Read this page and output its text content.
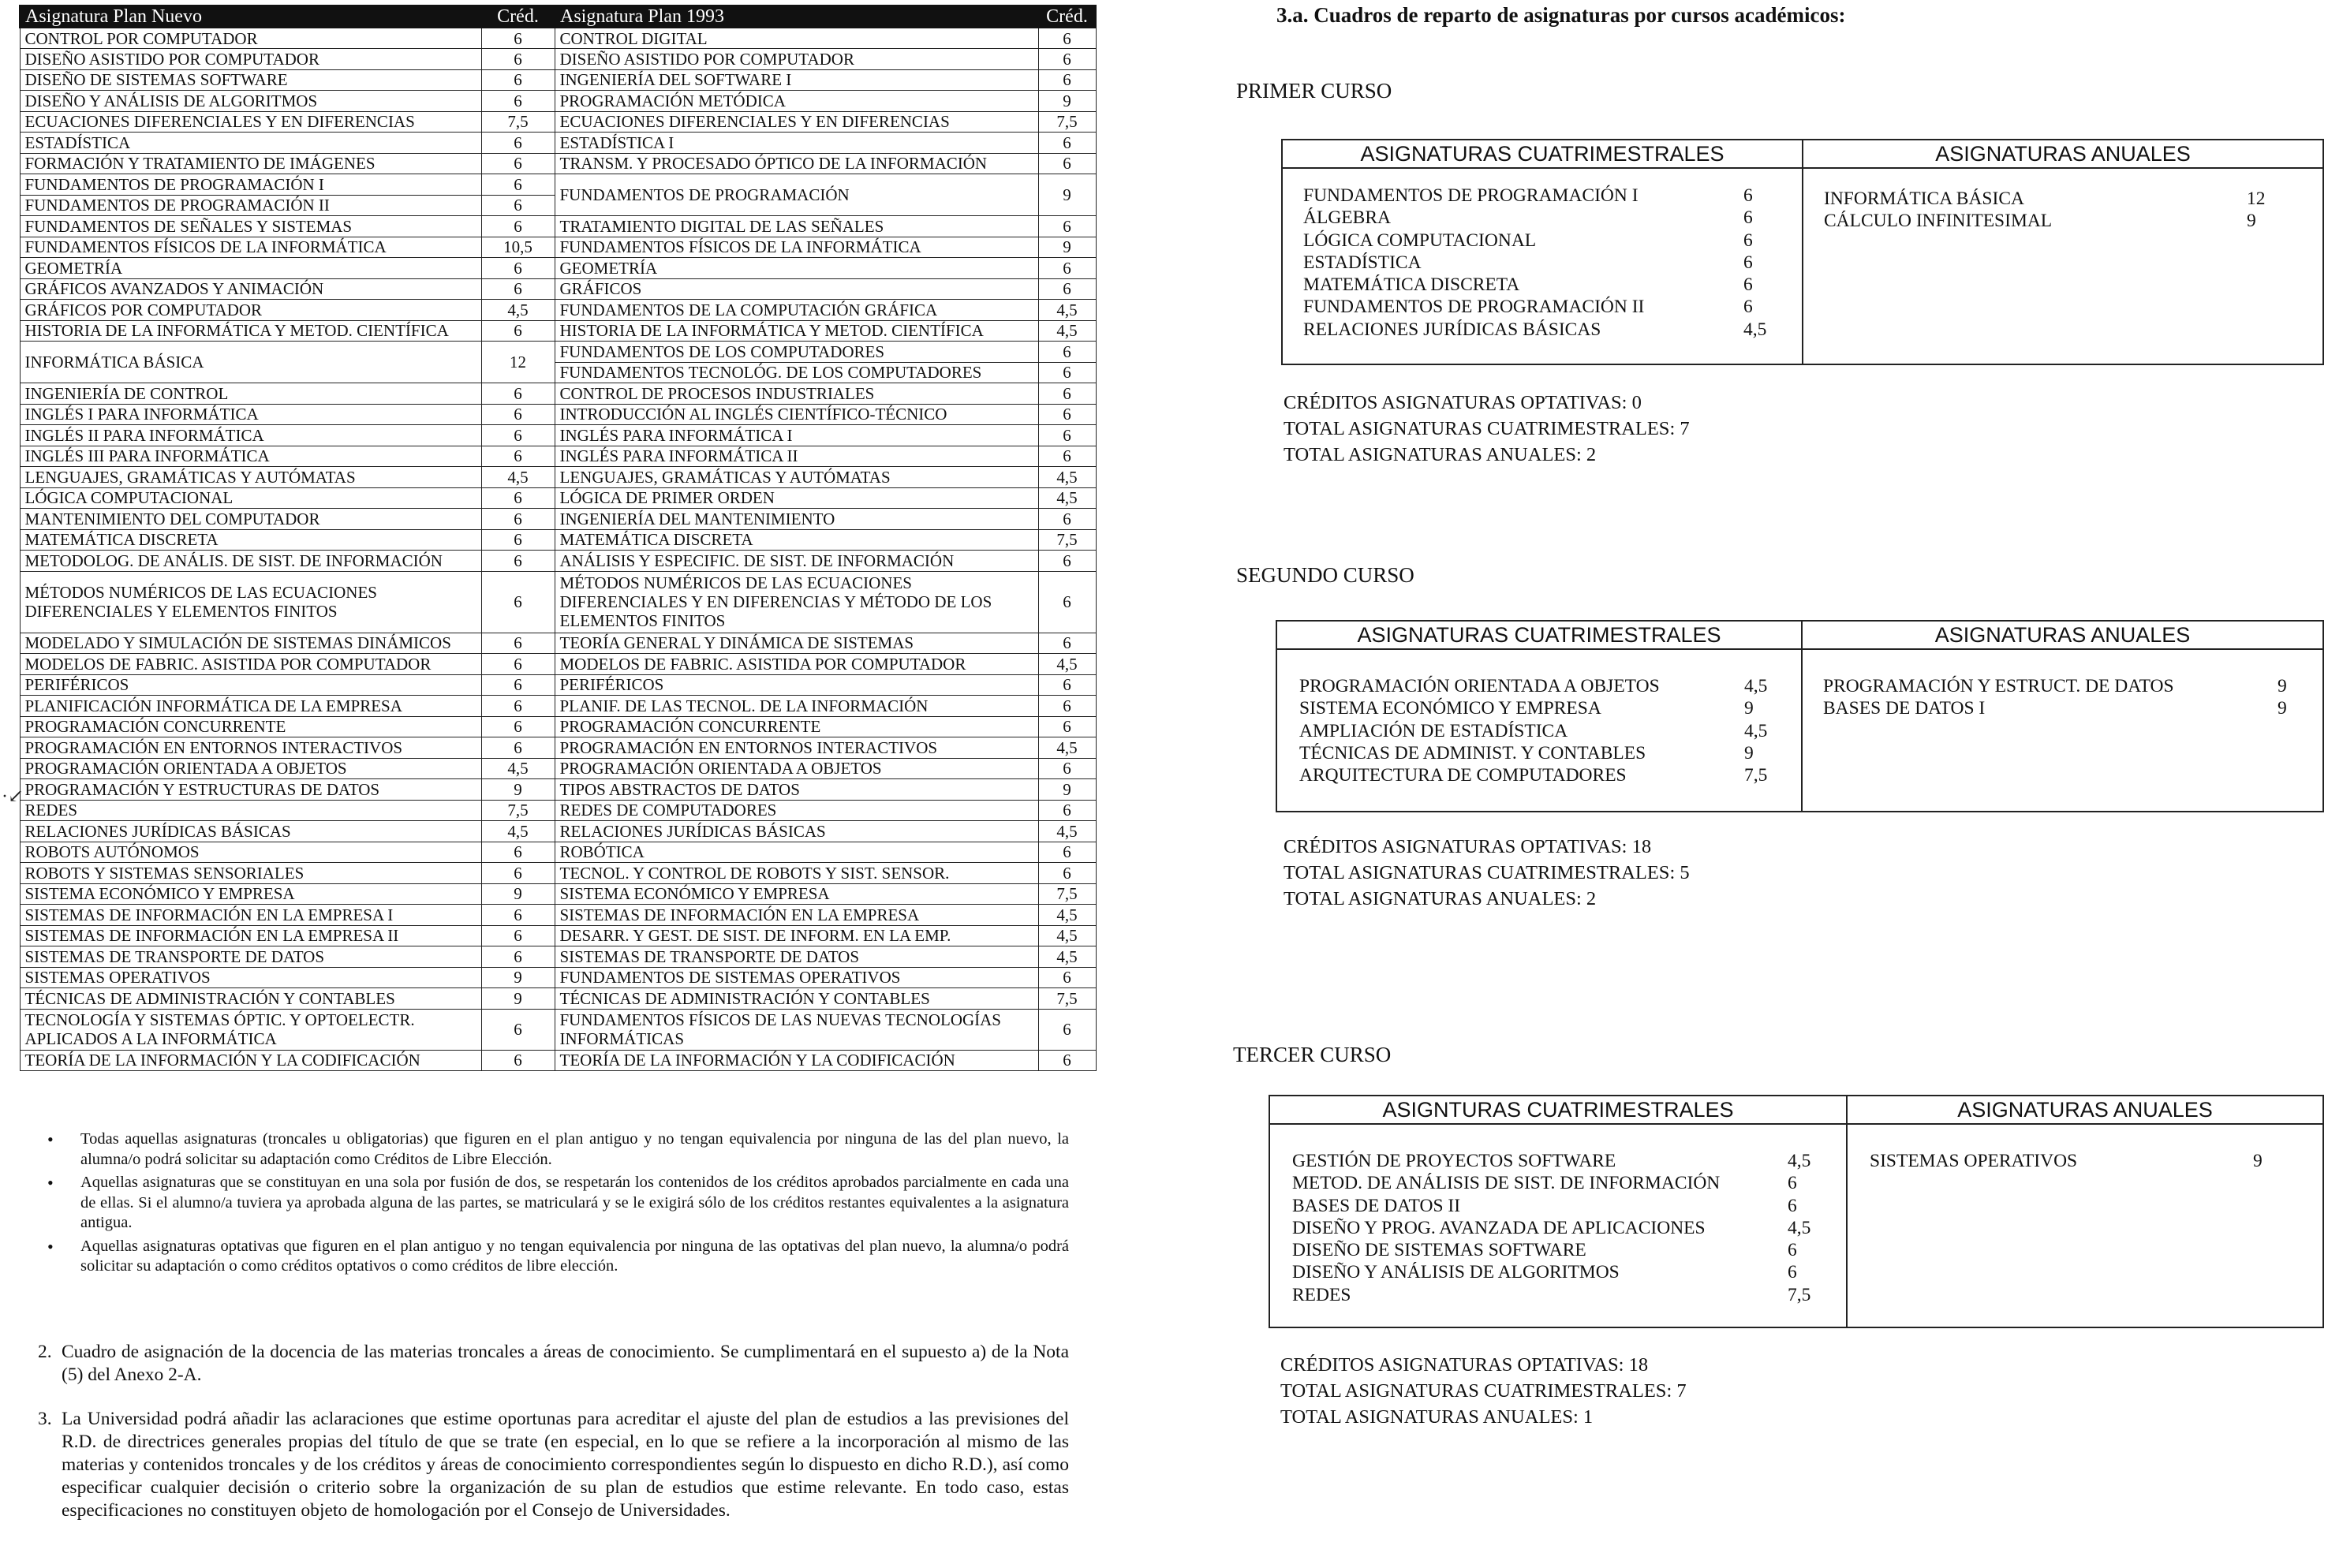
Asignatura Plan Nuevo	Créd.	Asignatura Plan 1993	Créd.
CONTROL POR COMPUTADOR	6	CONTROL DIGITAL	6
DISEÑO ASISTIDO POR COMPUTADOR	6	DISEÑO ASISTIDO POR COMPUTADOR	6
DISEÑO DE SISTEMAS SOFTWARE	6	INGENIERÍA DEL SOFTWARE I	6
DISEÑO Y ANÁLISIS DE ALGORITMOS	6	PROGRAMACIÓN METÓDICA	9
ECUACIONES DIFERENCIALES Y EN DIFERENCIAS	7,5	ECUACIONES DIFERENCIALES Y EN DIFERENCIAS	7,5
ESTADÍSTICA	6	ESTADÍSTICA I	6
FORMACIÓN Y TRATAMIENTO DE IMÁGENES	6	TRANSM. Y PROCESADO ÓPTICO DE LA INFORMACIÓN	6
FUNDAMENTOS DE PROGRAMACIÓN I	6	FUNDAMENTOS DE PROGRAMACIÓN	9
FUNDAMENTOS DE PROGRAMACIÓN II	6		
FUNDAMENTOS DE SEÑALES Y SISTEMAS	6	TRATAMIENTO DIGITAL DE LAS SEÑALES	6
FUNDAMENTOS FÍSICOS DE LA INFORMÁTICA	10,5	FUNDAMENTOS FÍSICOS DE LA INFORMÁTICA	9
GEOMETRÍA	6	GEOMETRÍA	6
GRÁFICOS AVANZADOS Y ANIMACIÓN	6	GRÁFICOS	6
GRÁFICOS POR COMPUTADOR	4,5	FUNDAMENTOS DE LA COMPUTACIÓN GRÁFICA	4,5
HISTORIA DE LA INFORMÁTICA Y METOD. CIENTÍFICA	6	HISTORIA DE LA INFORMÁTICA Y METOD. CIENTÍFICA	4,5
INFORMÁTICA BÁSICA	12	FUNDAMENTOS DE LOS COMPUTADORES	6
		FUNDAMENTOS TECNOLÓG. DE LOS COMPUTADORES	6
INGENIERÍA DE CONTROL	6	CONTROL DE PROCESOS INDUSTRIALES	6
INGLÉS I PARA INFORMÁTICA	6	INTRODUCCIÓN AL INGLÉS CIENTÍFICO-TÉCNICO	6
INGLÉS II PARA INFORMÁTICA	6	INGLÉS PARA INFORMÁTICA I	6
INGLÉS III PARA INFORMÁTICA	6	INGLÉS PARA INFORMÁTICA II	6
LENGUAJES, GRAMÁTICAS Y AUTÓMATAS	4,5	LENGUAJES, GRAMÁTICAS Y AUTÓMATAS	4,5
LÓGICA COMPUTACIONAL	6	LÓGICA DE PRIMER ORDEN	4,5
MANTENIMIENTO DEL COMPUTADOR	6	INGENIERÍA DEL MANTENIMIENTO	6
MATEMÁTICA DISCRETA	6	MATEMÁTICA DISCRETA	7,5
METODOLOG. DE ANÁLIS. DE SIST. DE INFORMACIÓN	6	ANÁLISIS Y ESPECIFIC. DE SIST. DE INFORMACIÓN	6
MÉTODOS NUMÉRICOS DE LAS ECUACIONES DIFERENCIALES Y ELEMENTOS FINITOS	6	MÉTODOS NUMÉRICOS DE LAS ECUACIONES DIFERENCIALES Y EN DIFERENCIAS Y MÉTODO DE LOS ELEMENTOS FINITOS	6
MODELADO Y SIMULACIÓN DE SISTEMAS DINÁMICOS	6	TEORÍA GENERAL Y DINÁMICA DE SISTEMAS	6
MODELOS DE FABRIC. ASISTIDA POR COMPUTADOR	6	MODELOS DE FABRIC. ASISTIDA POR COMPUTADOR	4,5
PERIFÉRICOS	6	PERIFÉRICOS	6
PLANIFICACIÓN INFORMÁTICA DE LA EMPRESA	6	PLANIF. DE LAS TECNOL. DE LA INFORMACIÓN	6
PROGRAMACIÓN CONCURRENTE	6	PROGRAMACIÓN CONCURRENTE	6
PROGRAMACIÓN EN ENTORNOS INTERACTIVOS	6	PROGRAMACIÓN EN ENTORNOS INTERACTIVOS	4,5
PROGRAMACIÓN ORIENTADA A OBJETOS	4,5	PROGRAMACIÓN ORIENTADA A OBJETOS	6
PROGRAMACIÓN Y ESTRUCTURAS DE DATOS	9	TIPOS ABSTRACTOS DE DATOS	9
REDES	7,5	REDES DE COMPUTADORES	6
RELACIONES JURÍDICAS BÁSICAS	4,5	RELACIONES JURÍDICAS BÁSICAS	4,5
ROBOTS AUTÓNOMOS	6	ROBÓTICA	6
ROBOTS Y SISTEMAS SENSORIALES	6	TECNOL. Y CONTROL DE ROBOTS Y SIST. SENSOR.	6
SISTEMA ECONÓMICO Y EMPRESA	9	SISTEMA ECONÓMICO Y EMPRESA	7,5
SISTEMAS DE INFORMACIÓN EN LA EMPRESA I	6	SISTEMAS DE INFORMACIÓN EN LA EMPRESA	4,5
SISTEMAS DE INFORMACIÓN EN LA EMPRESA II	6	DESARR. Y GEST. DE SIST. DE INFORM. EN LA EMP.	4,5
SISTEMAS DE TRANSPORTE DE DATOS	6	SISTEMAS DE TRANSPORTE DE DATOS	4,5
SISTEMAS OPERATIVOS	9	FUNDAMENTOS DE SISTEMAS OPERATIVOS	6
TÉCNICAS DE ADMINISTRACIÓN Y CONTABLES	9	TÉCNICAS DE ADMINISTRACIÓN Y CONTABLES	7,5
TECNOLOGÍA Y SISTEMAS ÓPTIC. Y OPTOELECTR. APLICADOS A LA INFORMÁTICA	6	FUNDAMENTOS FÍSICOS DE LAS NUEVAS TECNOLOGÍAS INFORMÁTICAS	6
TEORÍA DE LA INFORMACIÓN Y LA CODIFICACIÓN	6	TEORÍA DE LA INFORMACIÓN Y LA CODIFICACIÓN	6
·↙
• Todas aquellas asignaturas (troncales u obligatorias) que figuren en el plan antiguo y no tengan equivalencia por ninguna de las del plan nuevo, la alumna/o podrá solicitar su adaptación como Créditos de Libre Elección.
• Aquellas asignaturas que se constituyan en una sola por fusión de dos, se respetarán los contenidos de los créditos aprobados parcialmente en cada una de ellas. Si el alumno/a tuviera ya aprobada alguna de las partes, se matriculará y se le exigirá sólo de los créditos restantes equivalentes a la asignatura antigua.
• Aquellas asignaturas optativas que figuren en el plan antiguo y no tengan equivalencia por ninguna de las optativas del plan nuevo, la alumna/o podrá solicitar su adaptación o como créditos optativos o como créditos de libre elección.
2. Cuadro de asignación de la docencia de las materias troncales a áreas de conocimiento. Se cumplimentará en el supuesto a) de la Nota (5) del Anexo 2-A.
3. La Universidad podrá añadir las aclaraciones que estime oportunas para acreditar el ajuste del plan de estudios a las previsiones del R.D. de directrices generales propias del título de que se trate (en especial, en lo que se refiere a la incorporación al mismo de las materias y contenidos troncales y de los créditos y áreas de conocimiento correspondientes según lo dispuesto en dicho R.D.), así como especificar cualquier decisión o criterio sobre la organización de su plan de estudios que estime relevante. En todo caso, estas especificaciones no constituyen objeto de homologación por el Consejo de Universidades.
3.a. Cuadros de reparto de asignaturas por cursos académicos:
PRIMER CURSO
ASIGNATURAS CUATRIMESTRALES
FUNDAMENTOS DE PROGRAMACIÓN I	6
ÁLGEBRA	6
LÓGICA COMPUTACIONAL	6
ESTADÍSTICA	6
MATEMÁTICA DISCRETA	6
FUNDAMENTOS DE PROGRAMACIÓN II	6
RELACIONES JURÍDICAS BÁSICAS	4,5
ASIGNATURAS ANUALES
INFORMÁTICA BÁSICA	12
CÁLCULO INFINITESIMAL	9
CRÉDITOS ASIGNATURAS OPTATIVAS: 0
TOTAL ASIGNATURAS CUATRIMESTRALES: 7
TOTAL ASIGNATURAS ANUALES: 2
SEGUNDO CURSO
ASIGNATURAS CUATRIMESTRALES
PROGRAMACIÓN ORIENTADA A OBJETOS	4,5
SISTEMA ECONÓMICO Y EMPRESA	9
AMPLIACIÓN DE ESTADÍSTICA	4,5
TÉCNICAS DE ADMINIST. Y CONTABLES	9
ARQUITECTURA DE COMPUTADORES	7,5
ASIGNATURAS ANUALES
PROGRAMACIÓN Y ESTRUCT. DE DATOS	9
BASES DE DATOS I	9
CRÉDITOS ASIGNATURAS OPTATIVAS: 18
TOTAL ASIGNATURAS CUATRIMESTRALES: 5
TOTAL ASIGNATURAS ANUALES: 2
TERCER CURSO
ASIGNTURAS CUATRIMESTRALES
GESTIÓN DE PROYECTOS SOFTWARE	4,5
METOD. DE ANÁLISIS DE SIST. DE INFORMACIÓN	6
BASES DE DATOS II	6
DISEÑO Y PROG. AVANZADA DE APLICACIONES	4,5
DISEÑO DE SISTEMAS SOFTWARE	6
DISEÑO Y ANÁLISIS DE ALGORITMOS	6
REDES	7,5
ASIGNATURAS ANUALES
SISTEMAS OPERATIVOS	9
CRÉDITOS ASIGNATURAS OPTATIVAS: 18
TOTAL ASIGNATURAS CUATRIMESTRALES: 7
TOTAL ASIGNATURAS ANUALES: 1
